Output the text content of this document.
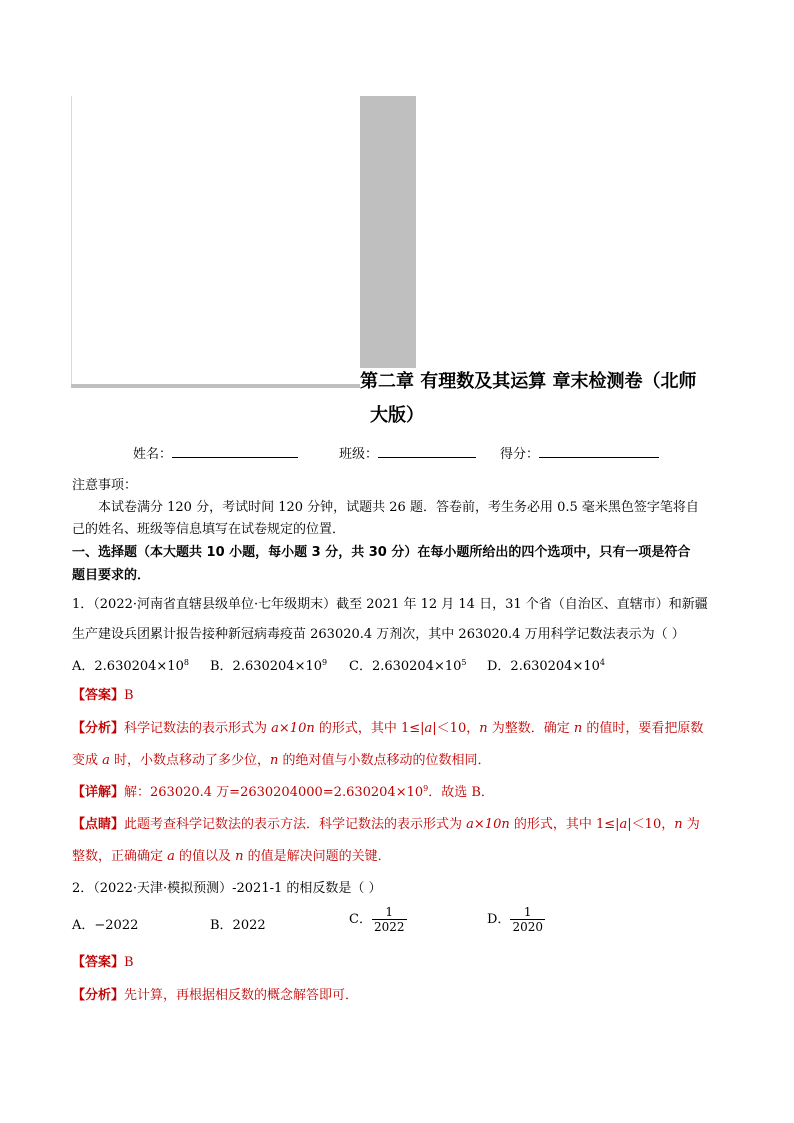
第二章 有理数及其运算 章末检测卷（北师
大版）
姓名：	班级：	得分：
注意事项：
本试卷满分 120 分，考试时间 120 分钟，试题共 26 题．答卷前，考生务必用 0.5 毫米黑色签字笔将自
己的姓名、班级等信息填写在试卷规定的位置．
一、选择题（本大题共 10 小题，每小题 3 分，共 30 分）在每小题所给出的四个选项中，只有一项是符合
题目要求的．
1．（2022·河南省直辖县级单位·七年级期末）截至 2021 年 12 月 14 日，31 个省（自治区、直辖市）和新疆
生产建设兵团累计报告接种新冠病毒疫苗 263020.4 万剂次，其中 263020.4 万用科学记数法表示为（ ）
A．$2.630204\times 10^8$ B．$2.630204\times 10^9$ C．$2.630204\times 10^5$ D．$2.630204\times 10^4$
【答案】B
【分析】科学记数法的表示形式为 a×10n 的形式，其中 1≤|a|＜10，n 为整数．确定 n 的值时，要看把原数
变成 a 时，小数点移动了多少位，n 的绝对值与小数点移动的位数相同．
【详解】解：263020.4 万$=2630204000=2.630204\times 10^9$．故选 B．
【点睛】此题考查科学记数法的表示方法．科学记数法的表示形式为 a×10n 的形式，其中 1≤|a|＜10，n 为
整数，正确确定 a 的值以及 n 的值是解决问题的关键．
2．（2022·天津·模拟预测）-2021-1 的相反数是（ ）
A．−2022	B．2022	C． $\frac{1}{2022}$	D． $\frac{1}{2020}$
【答案】B
【分析】先计算，再根据相反数的概念解答即可．
